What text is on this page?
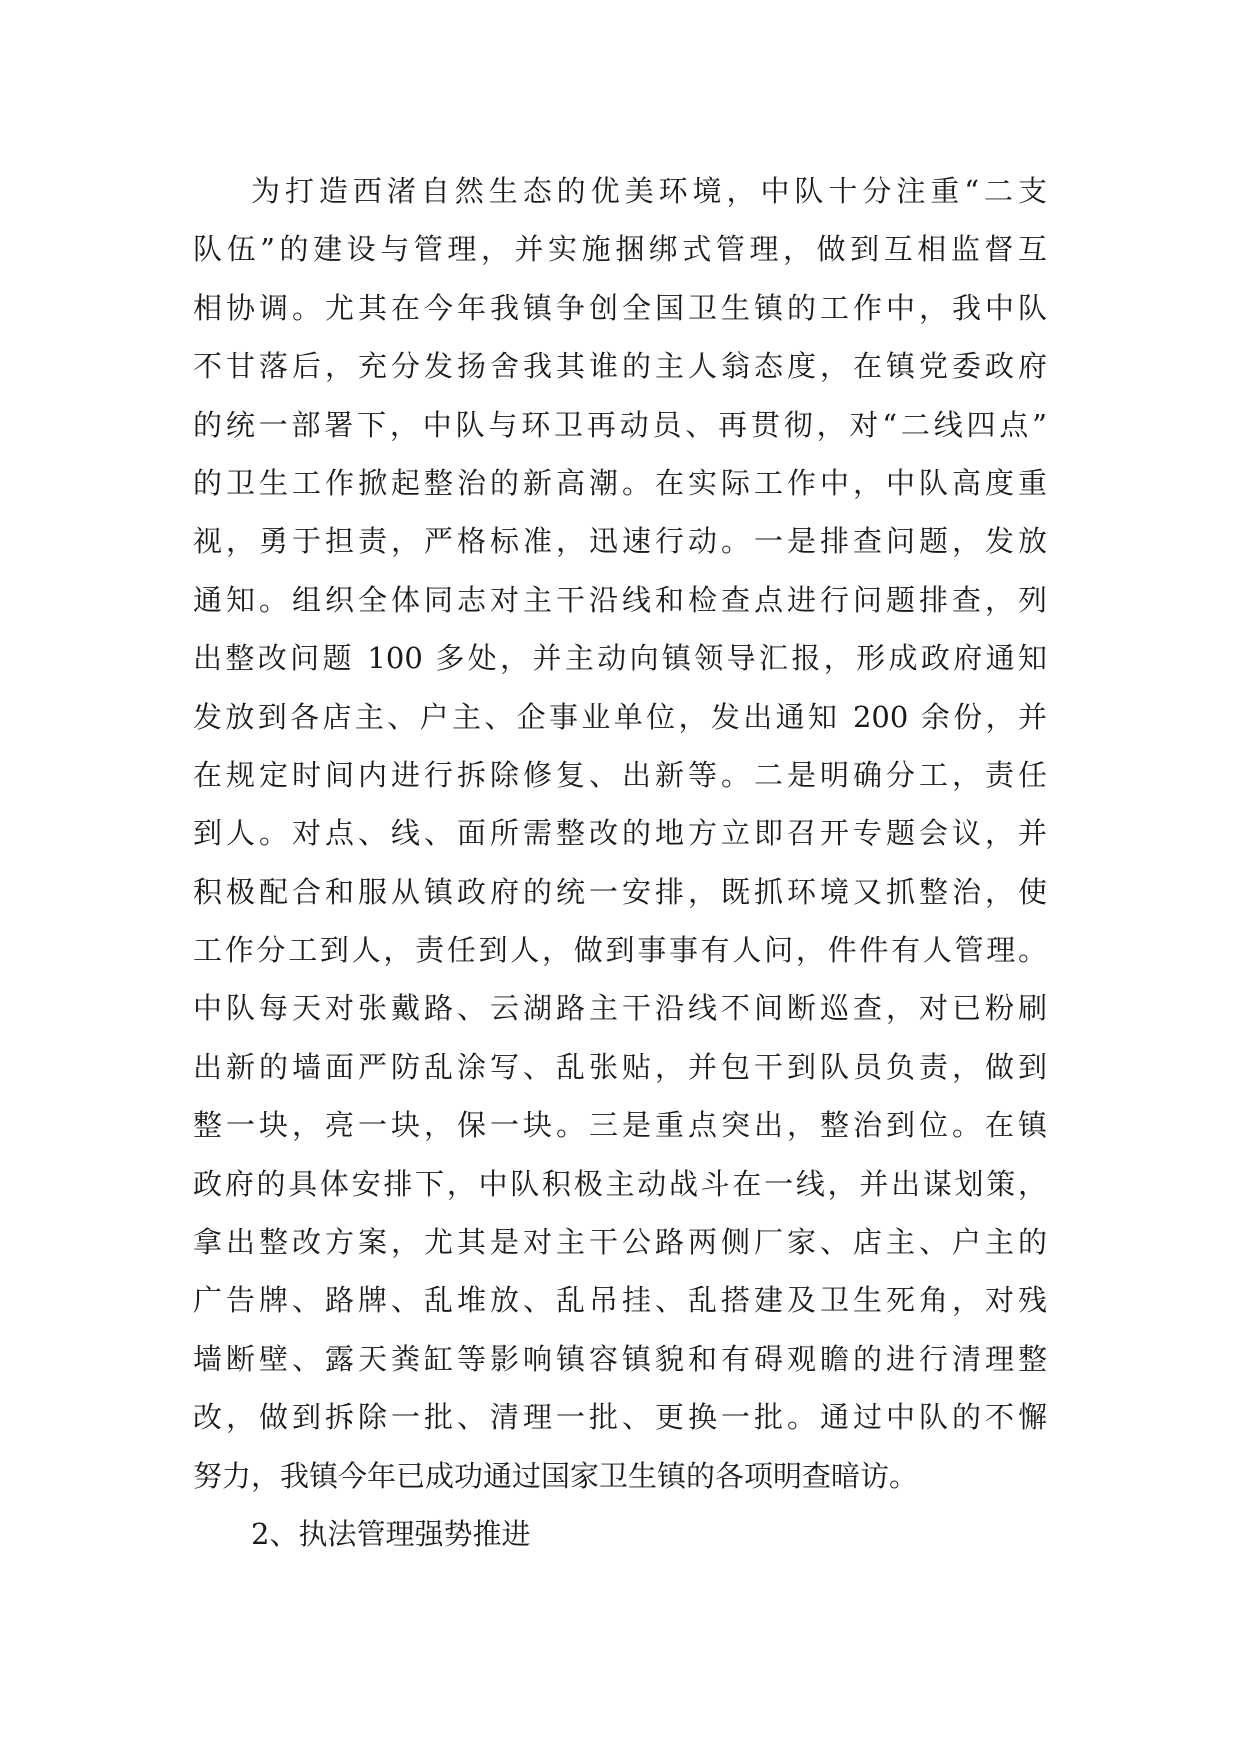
为打造西渚自然生态的优美环境，中队十分注重“二支
队伍”的建设与管理，并实施捆绑式管理，做到互相监督互
相协调。尤其在今年我镇争创全国卫生镇的工作中，我中队
不甘落后，充分发扬舍我其谁的主人翁态度，在镇党委政府
的统一部署下，中队与环卫再动员、再贯彻，对“二线四点”
的卫生工作掀起整治的新高潮。在实际工作中，中队高度重
视，勇于担责，严格标准，迅速行动。一是排查问题，发放
通知。组织全体同志对主干沿线和检查点进行问题排查，列
出整改问题 100 多处，并主动向镇领导汇报，形成政府通知
发放到各店主、户主、企事业单位，发出通知 200 余份，并
在规定时间内进行拆除修复、出新等。二是明确分工，责任
到人。对点、线、面所需整改的地方立即召开专题会议，并
积极配合和服从镇政府的统一安排，既抓环境又抓整治，使
工作分工到人，责任到人，做到事事有人问，件件有人管理。
中队每天对张戴路、云湖路主干沿线不间断巡查，对已粉刷
出新的墙面严防乱涂写、乱张贴，并包干到队员负责，做到
整一块，亮一块，保一块。三是重点突出，整治到位。在镇
政府的具体安排下，中队积极主动战斗在一线，并出谋划策，
拿出整改方案，尤其是对主干公路两侧厂家、店主、户主的
广告牌、路牌、乱堆放、乱吊挂、乱搭建及卫生死角，对残
墙断壁、露天粪缸等影响镇容镇貌和有碍观瞻的进行清理整
改，做到拆除一批、清理一批、更换一批。通过中队的不懈
努力，我镇今年已成功通过国家卫生镇的各项明查暗访。
2、执法管理强势推进
